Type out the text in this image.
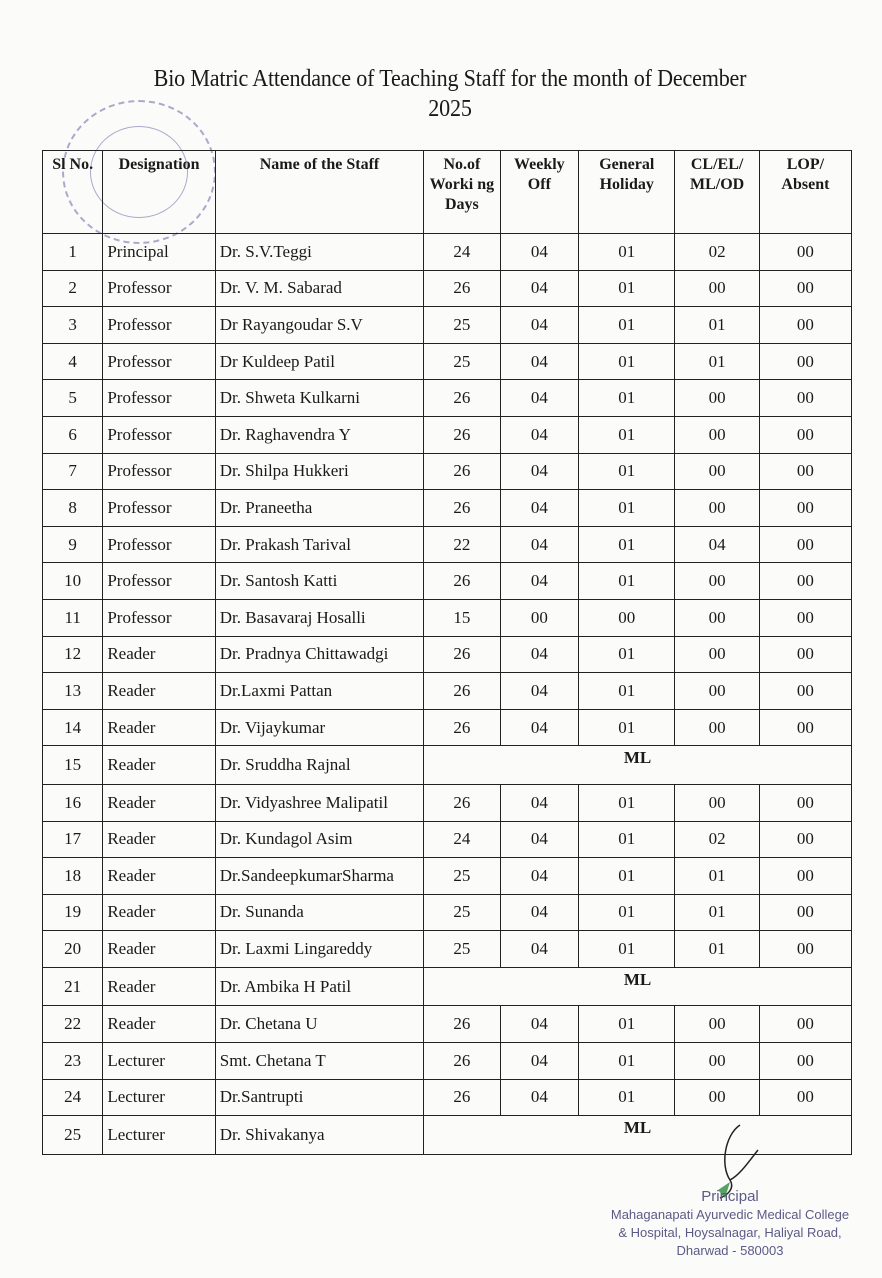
Bio Matric Attendance of Teaching Staff for the month of December
2025
Sl No.	Designation	Name of the Staff	No.of Worki ng Days	Weekly Off	General Holiday	CL/EL/ ML/OD	LOP/ Absent
1	Principal	Dr. S.V.Teggi	24	04	01	02	00
2	Professor	Dr. V. M. Sabarad	26	04	01	00	00
3	Professor	Dr Rayangoudar S.V	25	04	01	01	00
4	Professor	Dr Kuldeep Patil	25	04	01	01	00
5	Professor	Dr. Shweta Kulkarni	26	04	01	00	00
6	Professor	Dr. Raghavendra Y	26	04	01	00	00
7	Professor	Dr. Shilpa Hukkeri	26	04	01	00	00
8	Professor	Dr. Praneetha	26	04	01	00	00
9	Professor	Dr. Prakash Tarival	22	04	01	04	00
10	Professor	Dr. Santosh Katti	26	04	01	00	00
11	Professor	Dr. Basavaraj Hosalli	15	00	00	00	00
12	Reader	Dr. Pradnya Chittawadgi	26	04	01	00	00
13	Reader	Dr.Laxmi Pattan	26	04	01	00	00
14	Reader	Dr. Vijaykumar	26	04	01	00	00
15	Reader	Dr. Sruddha Rajnal	ML				
16	Reader	Dr. Vidyashree Malipatil	26	04	01	00	00
17	Reader	Dr. Kundagol Asim	24	04	01	02	00
18	Reader	Dr.SandeepkumarSharma	25	04	01	01	00
19	Reader	Dr. Sunanda	25	04	01	01	00
20	Reader	Dr. Laxmi Lingareddy	25	04	01	01	00
21	Reader	Dr. Ambika H Patil	ML				
22	Reader	Dr. Chetana U	26	04	01	00	00
23	Lecturer	Smt. Chetana T	26	04	01	00	00
24	Lecturer	Dr.Santrupti	26	04	01	00	00
25	Lecturer	Dr. Shivakanya	ML				
Principal
Mahaganapati Ayurvedic Medical College
& Hospital, Hoysalnagar, Haliyal Road,
Dharwad - 580003
